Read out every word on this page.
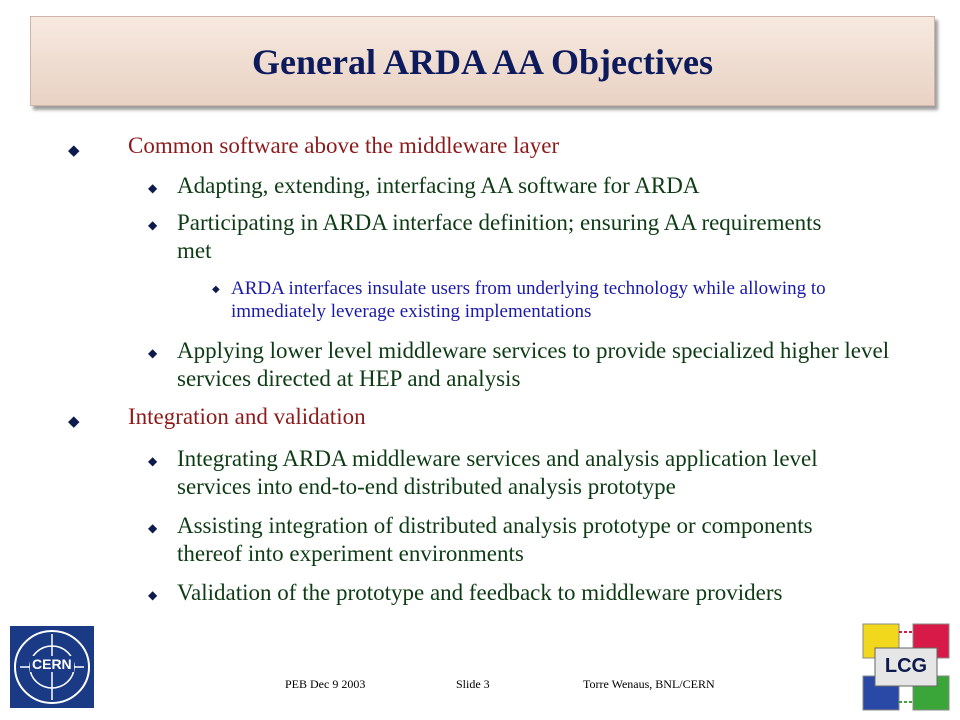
General ARDA AA Objectives
◆ Common software above the middleware layer
◆ Adapting, extending, interfacing AA software for ARDA
◆ Participating in ARDA interface definition; ensuring AA requirements met
◆ ARDA interfaces insulate users from underlying technology while allowing to immediately leverage existing implementations
◆ Applying lower level middleware services to provide specialized higher level services directed at HEP and analysis
◆ Integration and validation
◆ Integrating ARDA middleware services and analysis application level services into end-to-end distributed analysis prototype
◆ Assisting integration of distributed analysis prototype or components thereof into experiment environments
◆ Validation of the prototype and feedback to middleware providers
CERN
PEB Dec 9 2003	Slide 3	Torre Wenaus, BNL/CERN
LCG
